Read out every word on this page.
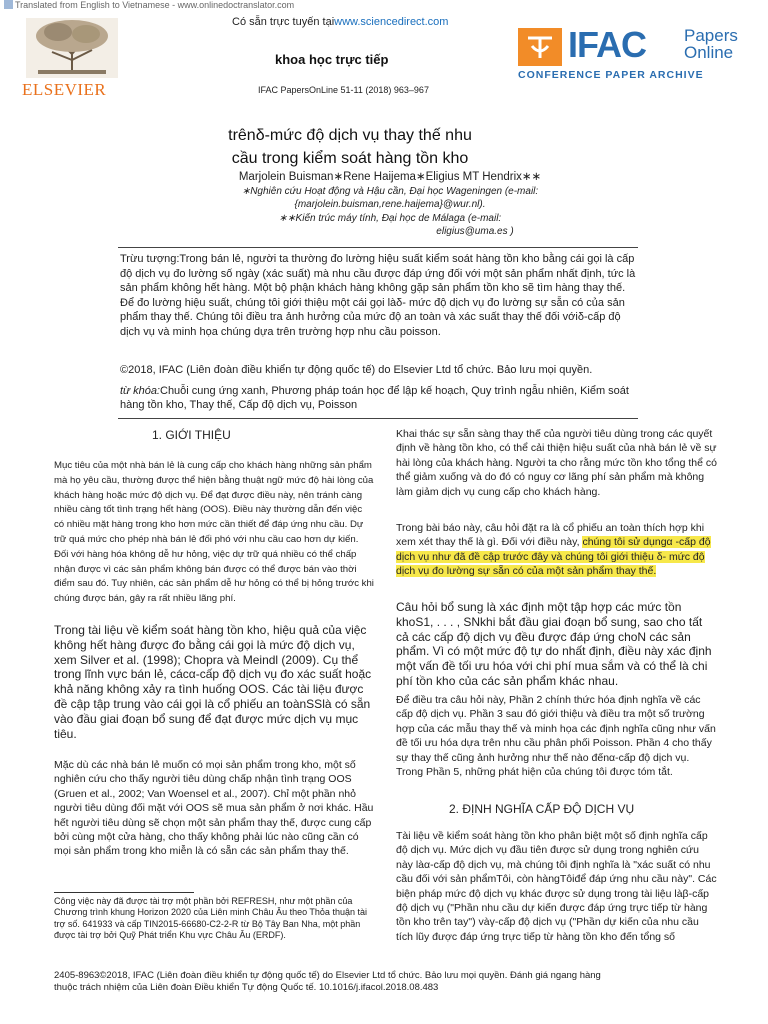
Translated from English to Vietnamese - www.onlinedoctranslator.com
ELSEVIER
Có sẵn trực tuyến tạiwww.sciencedirect.com
khoa học trực tiếp
IFAC PapersOnLine 51-11 (2018) 963–967
IFAC Papers
Online
CONFERENCE PAPER ARCHIVE
trênδ-mức độ dịch vụ thay thế nhu
cầu trong kiểm soát hàng tồn kho
Marjolein Buisman∗Rene Haijema∗Eligius MT Hendrix∗∗
∗Nghiên cứu Hoạt động và Hậu cần, Đại học Wageningen (e-mail:
{marjolein.buisman,rene.haijema}@wur.nl).
∗∗Kiến trúc máy tính, Đại học de Málaga (e-mail:
eligius@uma.es )
Trừu tượng:Trong bán lẻ, người ta thường đo lường hiệu suất kiểm soát hàng tồn kho bằng cái gọi là cấp độ dịch vụ đo lường số ngày (xác suất) mà nhu cầu được đáp ứng đối với một sản phẩm nhất định, tức là sản phẩm không hết hàng. Một bộ phận khách hàng không gặp sản phẩm tồn kho sẽ tìm hàng thay thế. Để đo lường hiệu suất, chúng tôi giới thiệu một cái gọi làδ- mức độ dịch vụ đo lường sự sẵn có của sản phẩm thay thế. Chúng tôi điều tra ảnh hưởng của mức độ an toàn và xác suất thay thế đối vớiδ-cấp độ dịch vụ và minh họa chúng dựa trên trường hợp nhu cầu poisson.
©2018, IFAC (Liên đoàn điều khiển tự động quốc tế) do Elsevier Ltd tổ chức. Bảo lưu mọi quyền.
từ khóa:Chuỗi cung ứng xanh, Phương pháp toán học để lập kế hoạch, Quy trình ngẫu nhiên, Kiểm soát hàng tồn kho, Thay thế, Cấp độ dịch vụ, Poisson
1. GIỚI THIỆU
Mục tiêu của một nhà bán lẻ là cung cấp cho khách hàng những sản phẩm mà họ yêu cầu, thường được thể hiện bằng thuật ngữ mức độ hài lòng của khách hàng hoặc mức độ dịch vụ. Để đạt được điều này, nên tránh càng nhiều càng tốt tình trạng hết hàng (OOS). Điều này thường dẫn đến việc có nhiều mặt hàng trong kho hơn mức cần thiết để đáp ứng nhu cầu. Dự trữ quá mức cho phép nhà bán lẻ đối phó với nhu cầu cao hơn dự kiến. Đối với hàng hóa không dễ hư hỏng, việc dự trữ quá nhiều có thể chấp nhận được vì các sản phẩm không bán được có thể được bán vào thời điểm sau đó. Tuy nhiên, các sản phẩm dễ hư hỏng có thể bị hỏng trước khi chúng được bán, gây ra rất nhiều lãng phí.
Trong tài liệu về kiểm soát hàng tồn kho, hiệu quả của việc không hết hàng được đo bằng cái gọi là mức độ dịch vụ, xem Silver et al. (1998); Chopra và Meindl (2009). Cụ thể trong lĩnh vực bán lẻ, cácα-cấp độ dịch vụ đo xác suất hoặc khả năng không xảy ra tình huống OOS. Các tài liệu được đề cập tập trung vào cái gọi là cổ phiếu an toànSSlà có sẵn vào đầu giai đoạn bổ sung để đạt được mức dịch vụ mục tiêu.
Mặc dù các nhà bán lẻ muốn có mọi sản phẩm trong kho, một số nghiên cứu cho thấy người tiêu dùng chấp nhận tình trạng OOS (Gruen et al., 2002; Van Woensel et al., 2007). Chỉ một phần nhỏ người tiêu dùng đối mặt với OOS sẽ mua sản phẩm ở nơi khác. Hầu hết người tiêu dùng sẽ chọn một sản phẩm thay thế, được cung cấp bởi cùng một cửa hàng, cho thấy không phải lúc nào cũng cần có mọi sản phẩm trong kho miễn là có sẵn các sản phẩm thay thế.
Công việc này đã được tài trợ một phần bởi REFRESH, như một phần của Chương trình khung Horizon 2020 của Liên minh Châu Âu theo Thỏa thuận tài trợ số. 641933 và cấp TIN2015-66680-C2-2-R từ Bộ Tây Ban Nha, một phần được tài trợ bởi Quỹ Phát triển Khu vực Châu Âu (ERDF).
Khai thác sự sẵn sàng thay thế của người tiêu dùng trong các quyết định về hàng tồn kho, có thể cải thiện hiệu suất của nhà bán lẻ về sự hài lòng của khách hàng. Người ta cho rằng mức tồn kho tổng thể có thể giảm xuống và do đó có nguy cơ lãng phí sản phẩm mà không làm giảm dịch vụ cung cấp cho khách hàng.
Trong bài báo này, câu hỏi đặt ra là cổ phiếu an toàn thích hợp khi xem xét thay thế là gì. Đối với điều này, chúng tôi sử dụngα -cấp độ dịch vụ như đã đề cập trước đây và chúng tôi giới thiệu δ- mức độ dịch vụ đo lường sự sẵn có của một sản phẩm thay thế.
Câu hỏi bổ sung là xác định một tập hợp các mức tồn khoS1, . . . , SNkhi bắt đầu giai đoạn bổ sung, sao cho tất cả các cấp độ dịch vụ đều được đáp ứng choN các sản phẩm. Vì có một mức độ tự do nhất định, điều này xác định một vấn đề tối ưu hóa với chi phí mua sắm và có thể là chi phí tồn kho của các sản phẩm khác nhau.
Để điều tra câu hỏi này, Phần 2 chính thức hóa định nghĩa về các cấp độ dịch vụ. Phần 3 sau đó giới thiệu và điều tra một số trường hợp của các mẫu thay thế và minh họa các định nghĩa cũng như vấn đề tối ưu hóa dựa trên nhu cầu phân phối Poisson. Phần 4 cho thấy sự thay thế cũng ảnh hưởng như thế nào đếnα-cấp độ dịch vụ. Trong Phần 5, những phát hiện của chúng tôi được tóm tắt.
2. ĐỊNH NGHĨA CẤP ĐỘ DỊCH VỤ
Tài liệu về kiểm soát hàng tồn kho phân biệt một số định nghĩa cấp độ dịch vụ. Mức dịch vụ đầu tiên được sử dụng trong nghiên cứu này làα-cấp độ dịch vụ, mà chúng tôi định nghĩa là "xác suất có nhu cầu đối với sản phẩmTôi, còn hàngTôiđể đáp ứng nhu cầu này". Các biện pháp mức độ dịch vụ khác được sử dụng trong tài liệu làβ-cấp độ dịch vụ ("Phần nhu cầu dự kiến được đáp ứng trực tiếp từ hàng tồn kho trên tay") vàγ-cấp độ dịch vụ ("Phần dự kiến của nhu cầu tích lũy được đáp ứng trực tiếp từ hàng tồn kho đến tổng số
2405-8963©2018, IFAC (Liên đoàn điều khiển tự động quốc tế) do Elsevier Ltd tổ chức. Bảo lưu mọi quyền. Đánh giá ngang hàng thuộc trách nhiệm của Liên đoàn Điều khiển Tự động Quốc tế. 10.1016/j.ifacol.2018.08.483
